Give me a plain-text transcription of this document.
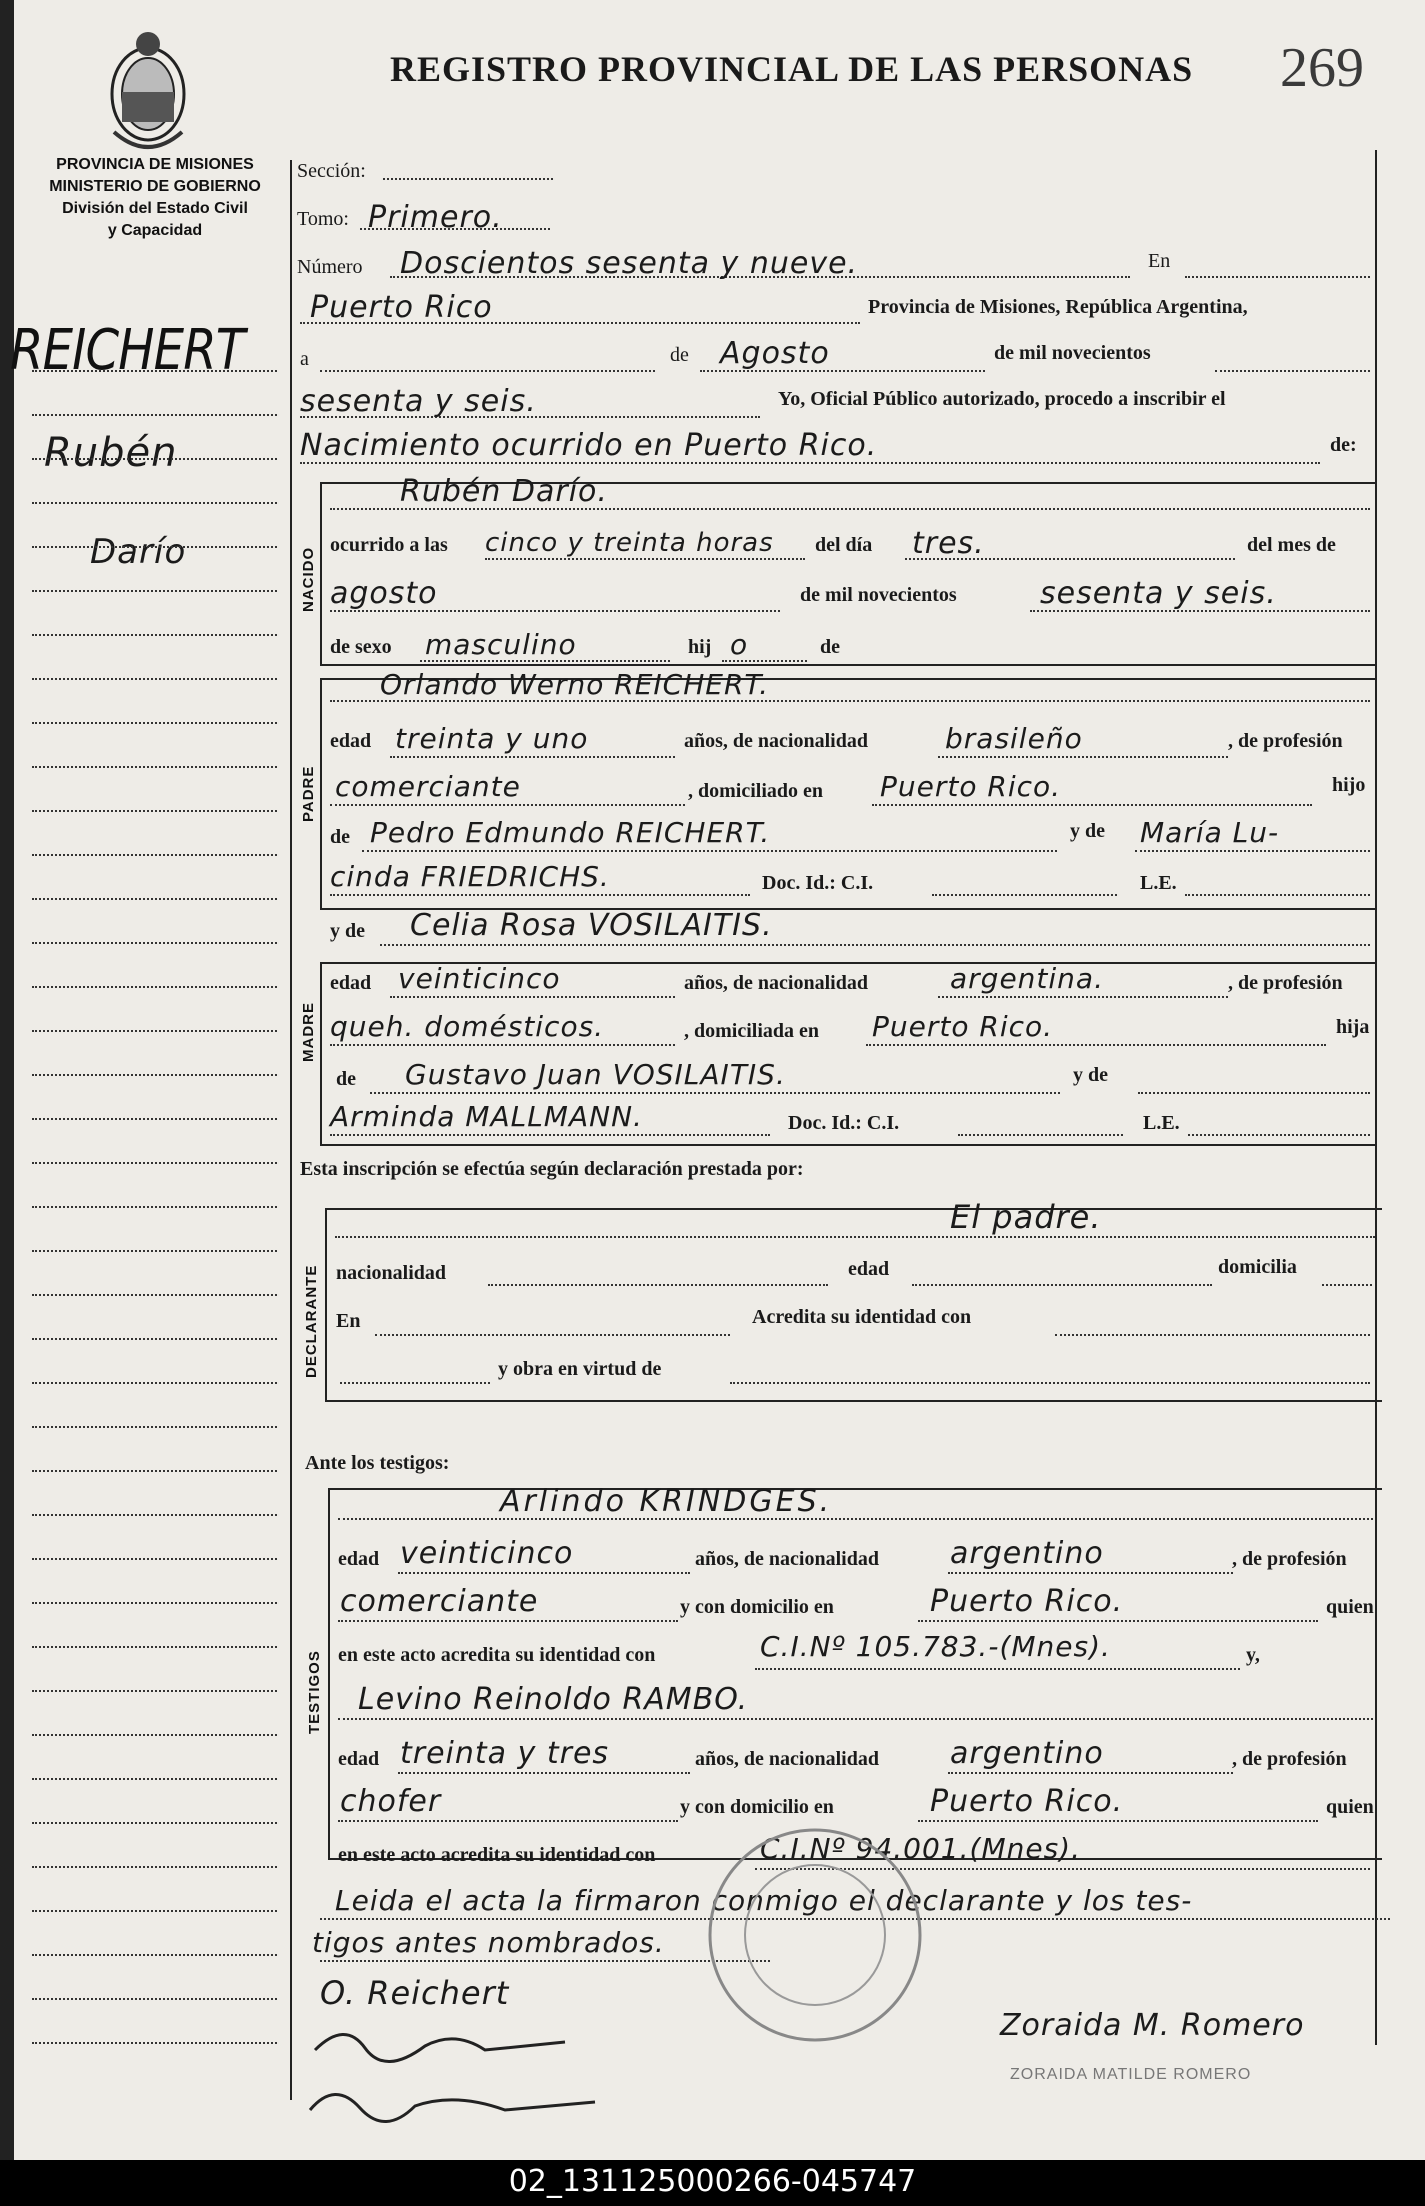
REGISTRO PROVINCIAL DE LAS PERSONAS 269
PROVINCIA DE MISIONES
MINISTERIO DE GOBIERNO
División del Estado Civil
y Capacidad
REICHERT
Rubén
Darío
Sección:
Tomo: Primero.
Número Doscientos sesenta y nueve.	En
Puerto Rico	Provincia de Misiones, República Argentina,
a	de Agosto	de mil novecientos
sesenta y seis.	Yo, Oficial Público autorizado, procedo a inscribir el
Nacimiento ocurrido en Puerto Rico.	de:
NACIDO
Rubén Darío.
ocurrido a las cinco y treinta horas del día tres.	del mes de
agosto	de mil novecientos	sesenta y seis.
de sexo masculino	hij o	de
PADRE
Orlando Werno REICHERT.
edad treinta y uno	años, de nacionalidad	brasileño	, de profesión
comerciante	, domiciliado en Puerto Rico.	hijo
de Pedro Edmundo REICHERT.	y de María Lu-
cinda FRIEDRICHS.	Doc. Id.: C.I.	L.E.
y de Celia Rosa VOSILAITIS.
MADRE
edad veinticinco	años, de nacionalidad	argentina.	, de profesión
queh. domésticos.	, domiciliada en Puerto Rico.	hija
de Gustavo Juan VOSILAITIS.	y de
Arminda MALLMANN.	Doc. Id.: C.I.	L.E.
Esta inscripción se efectúa según declaración prestada por:
DECLARANTE
El padre.
nacionalidad	edad	domicilia
En	Acredita su identidad con
y obra en virtud de
Ante los testigos:
TESTIGOS
Arlindo KRINDGES.
edad veinticinco	años, de nacionalidad argentino	, de profesión
comerciante	y con domicilio en	Puerto Rico.	quien
en este acto acredita su identidad con	C.I.Nº 105.783.-(Mnes).	y,
Levino Reinoldo RAMBO.
edad treinta y tres	años, de nacionalidad argentino	, de profesión
chofer	y con domicilio en	Puerto Rico.	quien
en este acto acredita su identidad con	C.I.Nº 94.001.(Mnes).
Leida el acta la firmaron conmigo el declarante y los tes-
tigos antes nombrados.
O. Reichert
Zoraida M. Romero
ZORAIDA MATILDE ROMERO
02_131125000266-045747
